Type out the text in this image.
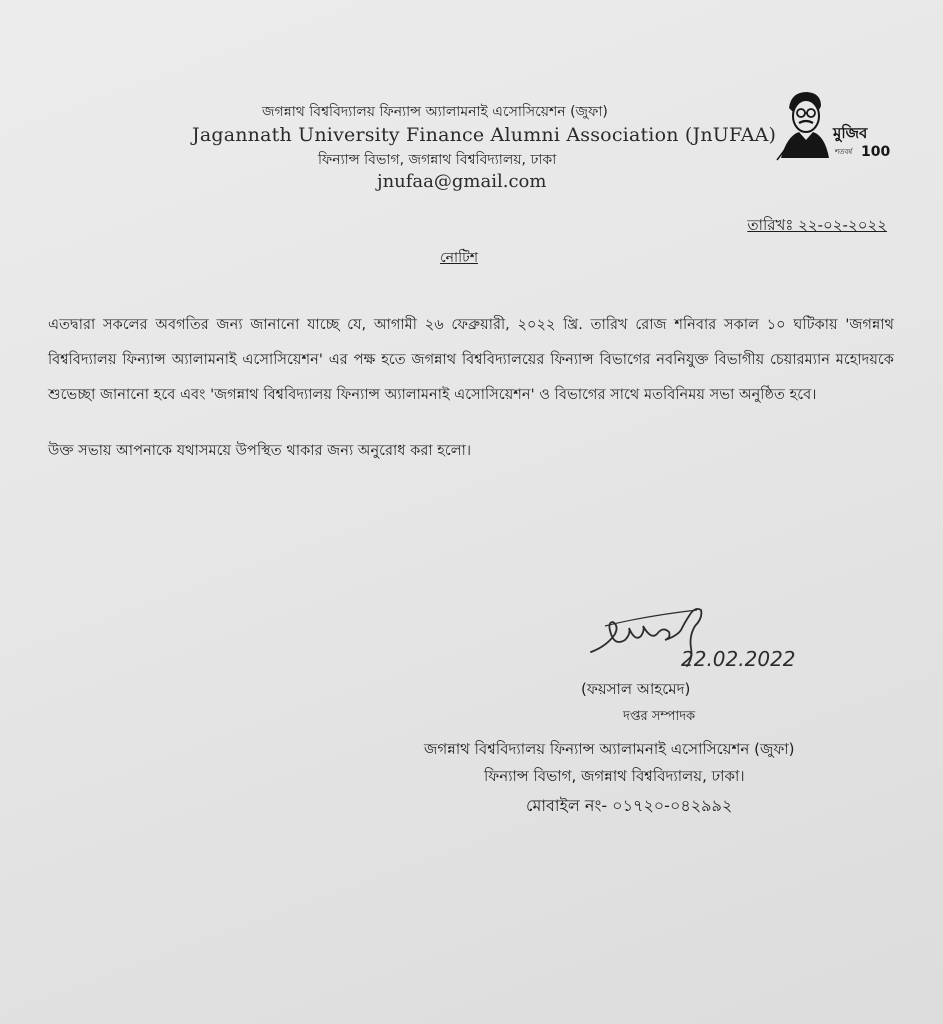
জগন্নাথ বিশ্ববিদ্যালয় ফিন্যান্স অ্যালামনাই এসোসিয়েশন (জুফা)

Jagannath University Finance Alumni Association (JnUFAA)

ফিন্যান্স বিভাগ, জগন্নাথ বিশ্ববিদ্যালয়, ঢাকা

jnufaa@gmail.com

মুজিব
শতবর্ষ 100

তারিখঃ ২২-০২-২০২২

নোটিশ

এতদ্বারা সকলের অবগতির জন্য জানানো যাচ্ছে যে, আগামী ২৬ ফেব্রুয়ারী, ২০২২ খ্রি. তারিখ রোজ শনিবার সকাল ১০ ঘটিকায় 'জগন্নাথ বিশ্ববিদ্যালয় ফিন্যান্স অ্যালামনাই এসোসিয়েশন' এর পক্ষ হতে জগন্নাথ বিশ্ববিদ্যালয়ের ফিন্যান্স বিভাগের নবনিযুক্ত বিভাগীয় চেয়ারম্যান মহোদয়কে শুভেচ্ছা জানানো হবে এবং 'জগন্নাথ বিশ্ববিদ্যালয় ফিন্যান্স অ্যালামনাই এসোসিয়েশন' ও বিভাগের সাথে মতবিনিময় সভা অনুষ্ঠিত হবে।

উক্ত সভায় আপনাকে যথাসময়ে উপস্থিত থাকার জন্য অনুরোধ করা হলো।

22.02.2022

(ফয়সাল আহমেদ)

দপ্তর সম্পাদক

জগন্নাথ বিশ্ববিদ্যালয় ফিন্যান্স অ্যালামনাই এসোসিয়েশন (জুফা)

ফিন্যান্স বিভাগ, জগন্নাথ বিশ্ববিদ্যালয়, ঢাকা।

মোবাইল নং- ০১৭২০-০৪২৯৯২
